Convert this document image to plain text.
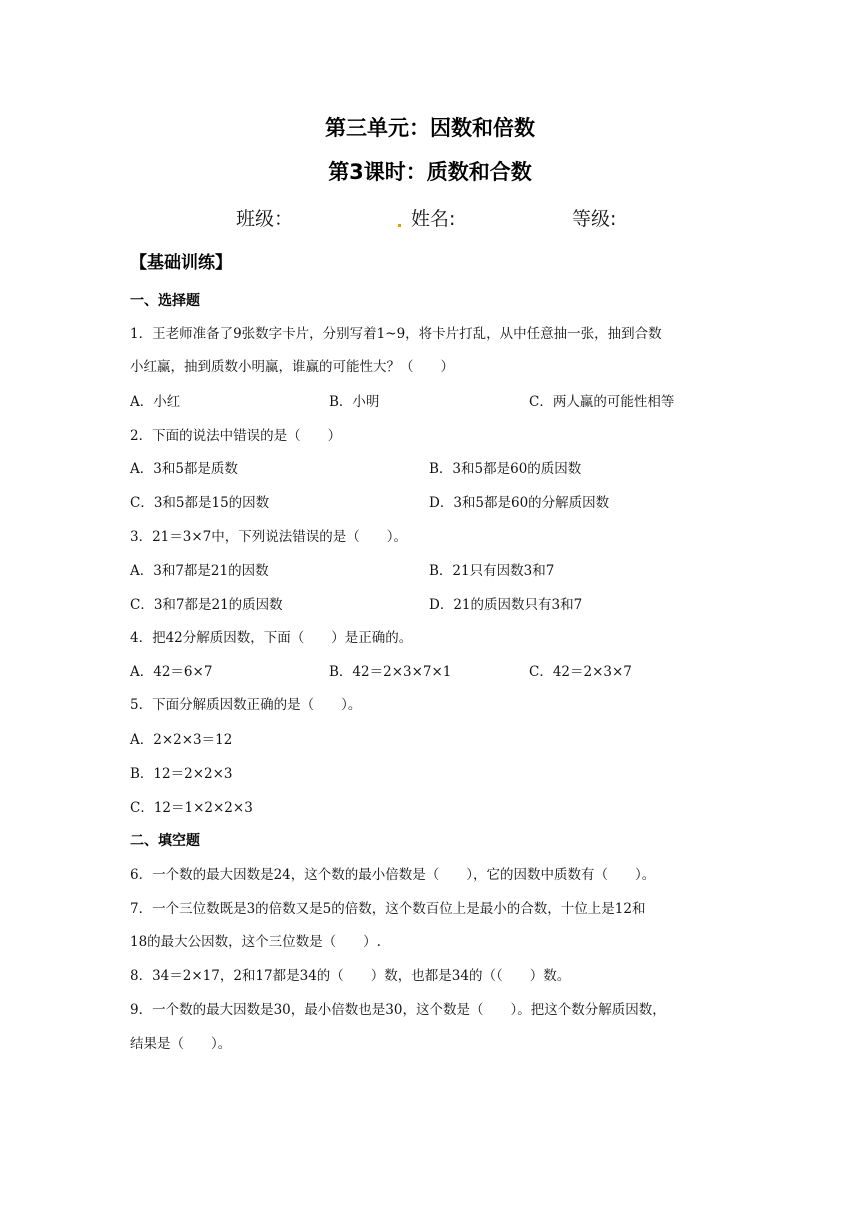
第三单元：因数和倍数
第3课时：质数和合数
班级：	姓名:	等级:
【基础训练】
一、选择题
1．王老师准备了9张数字卡片，分别写着1~9，将卡片打乱，从中任意抽一张，抽到合数
小红赢，抽到质数小明赢，谁赢的可能性大？（　　）
A．小红	B．小明	C．两人赢的可能性相等
2．下面的说法中错误的是（　　）
A．3和5都是质数	B．3和5都是60的质因数
C．3和5都是15的因数	D．3和5都是60的分解质因数
3．21＝3×7中，下列说法错误的是（　　）。
A．3和7都是21的因数	B．21只有因数3和7
C．3和7都是21的质因数	D．21的质因数只有3和7
4．把42分解质因数，下面（　　）是正确的。
A．42＝6×7	B．42＝2×3×7×1	C．42＝2×3×7
5．下面分解质因数正确的是（　　）。
A．2×2×3＝12
B．12＝2×2×3
C．12＝1×2×2×3
二、填空题
6．一个数的最大因数是24，这个数的最小倍数是（　　），它的因数中质数有（　　）。
7．一个三位数既是3的倍数又是5的倍数，这个数百位上是最小的合数，十位上是12和
18的最大公因数，这个三位数是（　　）.
8．34＝2×17，2和17都是34的（　　）数，也都是34的（（　　）数。
9．一个数的最大因数是30，最小倍数也是30，这个数是（　　）。把这个数分解质因数，
结果是（　　）。
